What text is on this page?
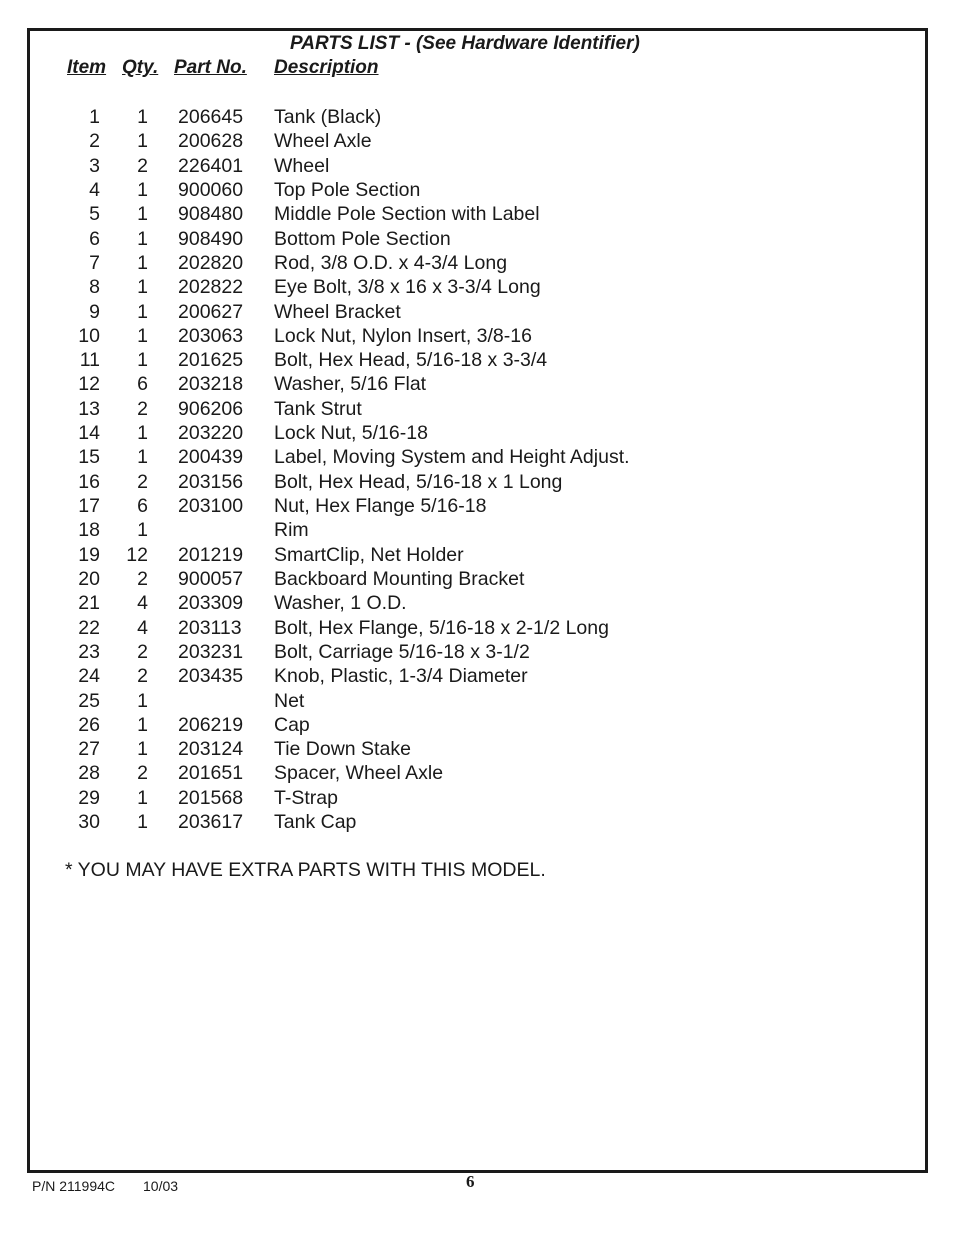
PARTS LIST - (See Hardware Identifier)
Item Qty. Part No. Description
1	1 206645 Tank (Black)
2	1 200628 Wheel Axle
3	2 226401 Wheel
4	1 900060 Top Pole Section
5	1 908480 Middle Pole Section with Label
6	1 908490 Bottom Pole Section
7	1 202820 Rod, 3/8 O.D. x 4-3/4 Long
8	1 202822 Eye Bolt, 3/8 x 16 x 3-3/4 Long
9	1 200627 Wheel Bracket
10	1 203063 Lock Nut, Nylon Insert, 3/8-16
11	1 201625 Bolt, Hex Head, 5/16-18 x 3-3/4
12	6 203218 Washer, 5/16 Flat
13	2 906206 Tank Strut
14	1 203220 Lock Nut, 5/16-18
15	1 200439 Label, Moving System and Height Adjust.
16	2 203156 Bolt, Hex Head, 5/16-18 x 1 Long
17	6 203100 Nut, Hex Flange 5/16-18
18	1	Rim
19 12 201219 SmartClip, Net Holder
20	2 900057 Backboard Mounting Bracket
21	4 203309 Washer, 1 O.D.
22	4 203113 Bolt, Hex Flange, 5/16-18 x 2-1/2 Long
23	2 203231 Bolt, Carriage 5/16-18 x 3-1/2
24	2 203435 Knob, Plastic, 1-3/4 Diameter
25	1	Net
26	1 206219 Cap
27	1 203124 Tie Down Stake
28	2 201651 Spacer, Wheel Axle
29	1 201568 T-Strap
30	1 203617 Tank Cap
* YOU MAY HAVE EXTRA PARTS WITH THIS MODEL.
P/N 211994C 10/03	6
